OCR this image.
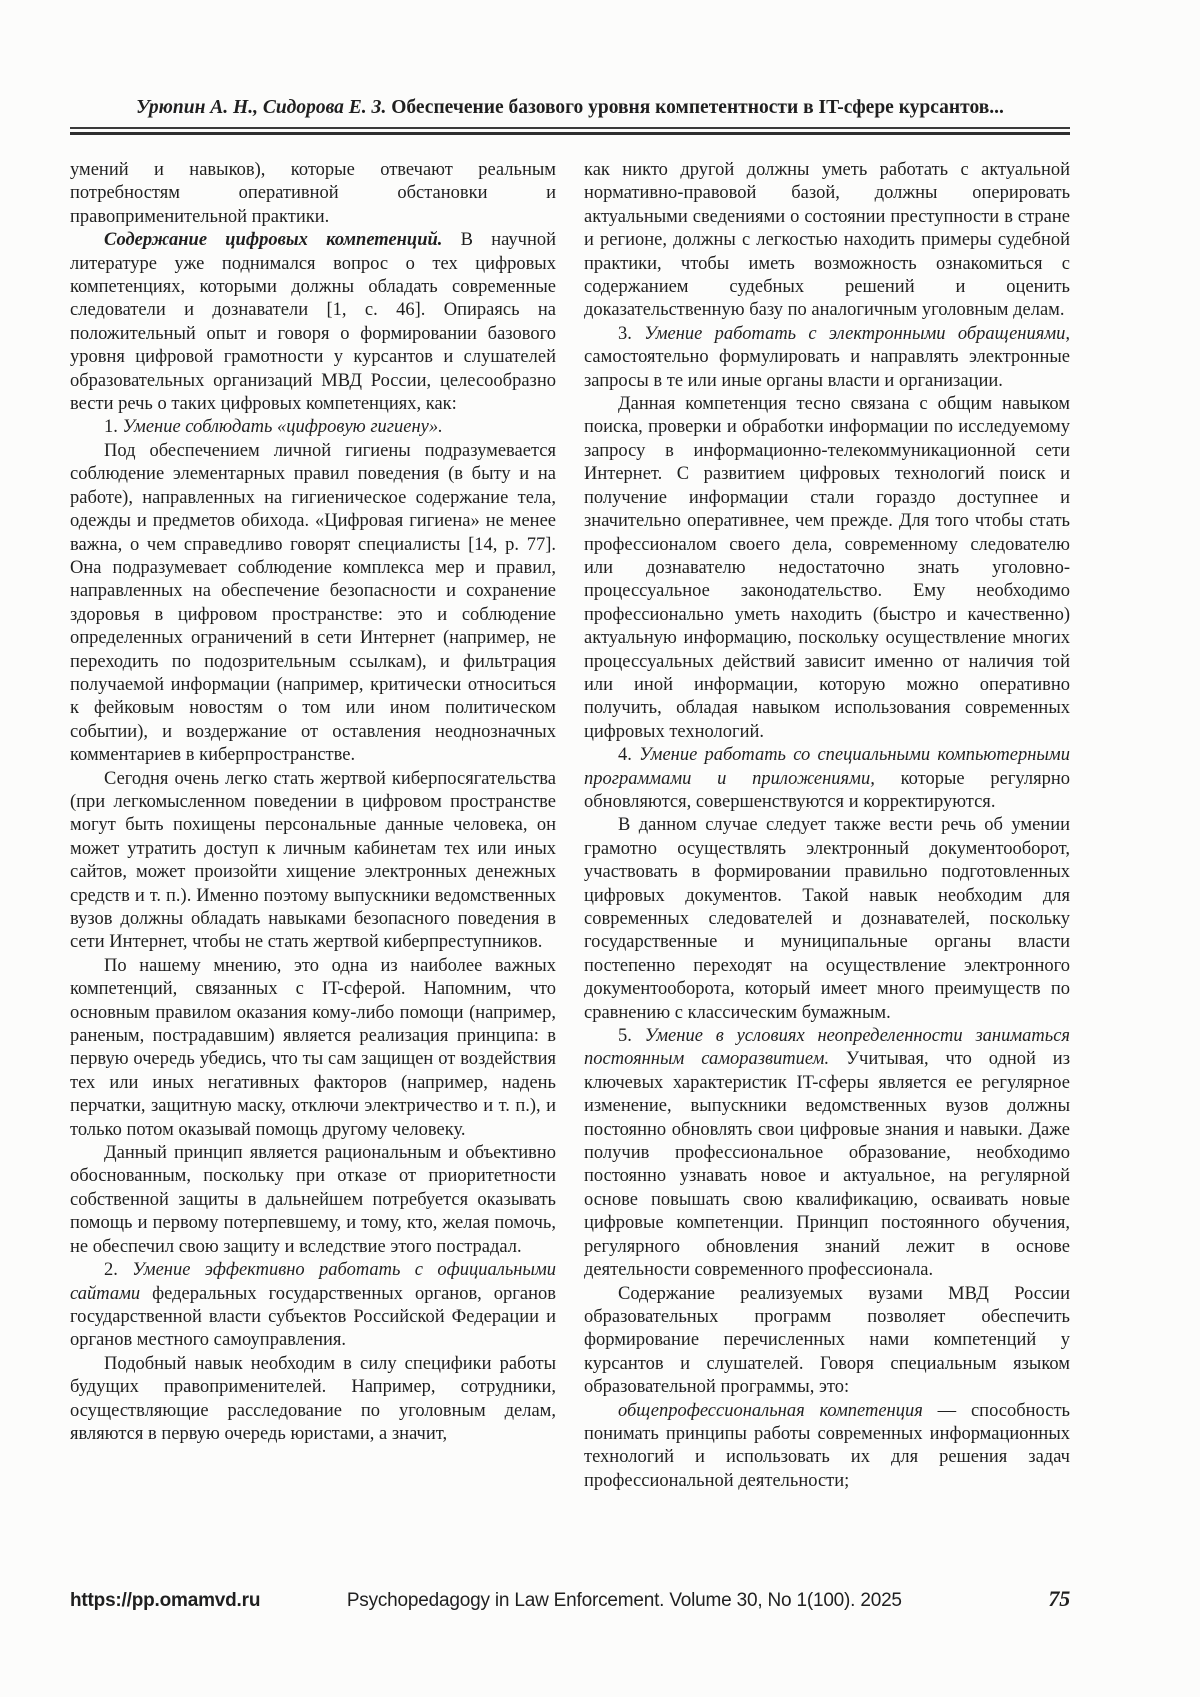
Урюпин А. Н., Сидорова Е. З. Обеспечение базового уровня компетентности в IT-сфере курсантов...

умений и навыков), которые отвечают реальным потребностям оперативной обстановки и правоприменительной практики.

Содержание цифровых компетенций. В научной литературе уже поднимался вопрос о тех цифровых компетенциях, которыми должны обладать современные следователи и дознаватели [1, с. 46]. Опираясь на положительный опыт и говоря о формировании базового уровня цифровой грамотности у курсантов и слушателей образовательных организаций МВД России, целесообразно вести речь о таких цифровых компетенциях, как:

1. Умение соблюдать «цифровую гигиену».

Под обеспечением личной гигиены подразумевается соблюдение элементарных правил поведения (в быту и на работе), направленных на гигиеническое содержание тела, одежды и предметов обихода. «Цифровая гигиена» не менее важна, о чем справедливо говорят специалисты [14, p. 77]. Она подразумевает соблюдение комплекса мер и правил, направленных на обеспечение безопасности и сохранение здоровья в цифровом пространстве: это и соблюдение определенных ограничений в сети Интернет (например, не переходить по подозрительным ссылкам), и фильтрация получаемой информации (например, критически относиться к фейковым новостям о том или ином политическом событии), и воздержание от оставления неоднозначных комментариев в киберпространстве.

Сегодня очень легко стать жертвой киберпосягательства (при легкомысленном поведении в цифровом пространстве могут быть похищены персональные данные человека, он может утратить доступ к личным кабинетам тех или иных сайтов, может произойти хищение электронных денежных средств и т. п.). Именно поэтому выпускники ведомственных вузов должны обладать навыками безопасного поведения в сети Интернет, чтобы не стать жертвой киберпреступников.

По нашему мнению, это одна из наиболее важных компетенций, связанных с IT-сферой. Напомним, что основным правилом оказания кому-либо помощи (например, раненым, пострадавшим) является реализация принципа: в первую очередь убедись, что ты сам защищен от воздействия тех или иных негативных факторов (например, надень перчатки, защитную маску, отключи электричество и т. п.), и только потом оказывай помощь другому человеку.

Данный принцип является рациональным и объективно обоснованным, поскольку при отказе от приоритетности собственной защиты в дальнейшем потребуется оказывать помощь и первому потерпевшему, и тому, кто, желая помочь, не обеспечил свою защиту и вследствие этого пострадал.

2. Умение эффективно работать с официальными сайтами федеральных государственных органов, органов государственной власти субъектов Российской Федерации и органов местного самоуправления.

Подобный навык необходим в силу специфики работы будущих правоприменителей. Например, сотрудники, осуществляющие расследование по уголовным делам, являются в первую очередь юристами, а значит,

как никто другой должны уметь работать с актуальной нормативно-правовой базой, должны оперировать актуальными сведениями о состоянии преступности в стране и регионе, должны с легкостью находить примеры судебной практики, чтобы иметь возможность ознакомиться с содержанием судебных решений и оценить доказательственную базу по аналогичным уголовным делам.

3. Умение работать с электронными обращениями, самостоятельно формулировать и направлять электронные запросы в те или иные органы власти и организации.

Данная компетенция тесно связана с общим навыком поиска, проверки и обработки информации по исследуемому запросу в информационно-телекоммуникационной сети Интернет. С развитием цифровых технологий поиск и получение информации стали гораздо доступнее и значительно оперативнее, чем прежде. Для того чтобы стать профессионалом своего дела, современному следователю или дознавателю недостаточно знать уголовно-процессуальное законодательство. Ему необходимо профессионально уметь находить (быстро и качественно) актуальную информацию, поскольку осуществление многих процессуальных действий зависит именно от наличия той или иной информации, которую можно оперативно получить, обладая навыком использования современных цифровых технологий.

4. Умение работать со специальными компьютерными программами и приложениями, которые регулярно обновляются, совершенствуются и корректируются.

В данном случае следует также вести речь об умении грамотно осуществлять электронный документооборот, участвовать в формировании правильно подготовленных цифровых документов. Такой навык необходим для современных следователей и дознавателей, поскольку государственные и муниципальные органы власти постепенно переходят на осуществление электронного документооборота, который имеет много преимуществ по сравнению с классическим бумажным.

5. Умение в условиях неопределенности заниматься постоянным саморазвитием. Учитывая, что одной из ключевых характеристик IT-сферы является ее регулярное изменение, выпускники ведомственных вузов должны постоянно обновлять свои цифровые знания и навыки. Даже получив профессиональное образование, необходимо постоянно узнавать новое и актуальное, на регулярной основе повышать свою квалификацию, осваивать новые цифровые компетенции. Принцип постоянного обучения, регулярного обновления знаний лежит в основе деятельности современного профессионала.

Содержание реализуемых вузами МВД России образовательных программ позволяет обеспечить формирование перечисленных нами компетенций у курсантов и слушателей. Говоря специальным языком образовательной программы, это:

общепрофессиональная компетенция — способность понимать принципы работы современных информационных технологий и использовать их для решения задач профессиональной деятельности;

https://pp.omamvd.ru	Psychopedagogy in Law Enforcement. Volume 30, No 1(100). 2025	75
